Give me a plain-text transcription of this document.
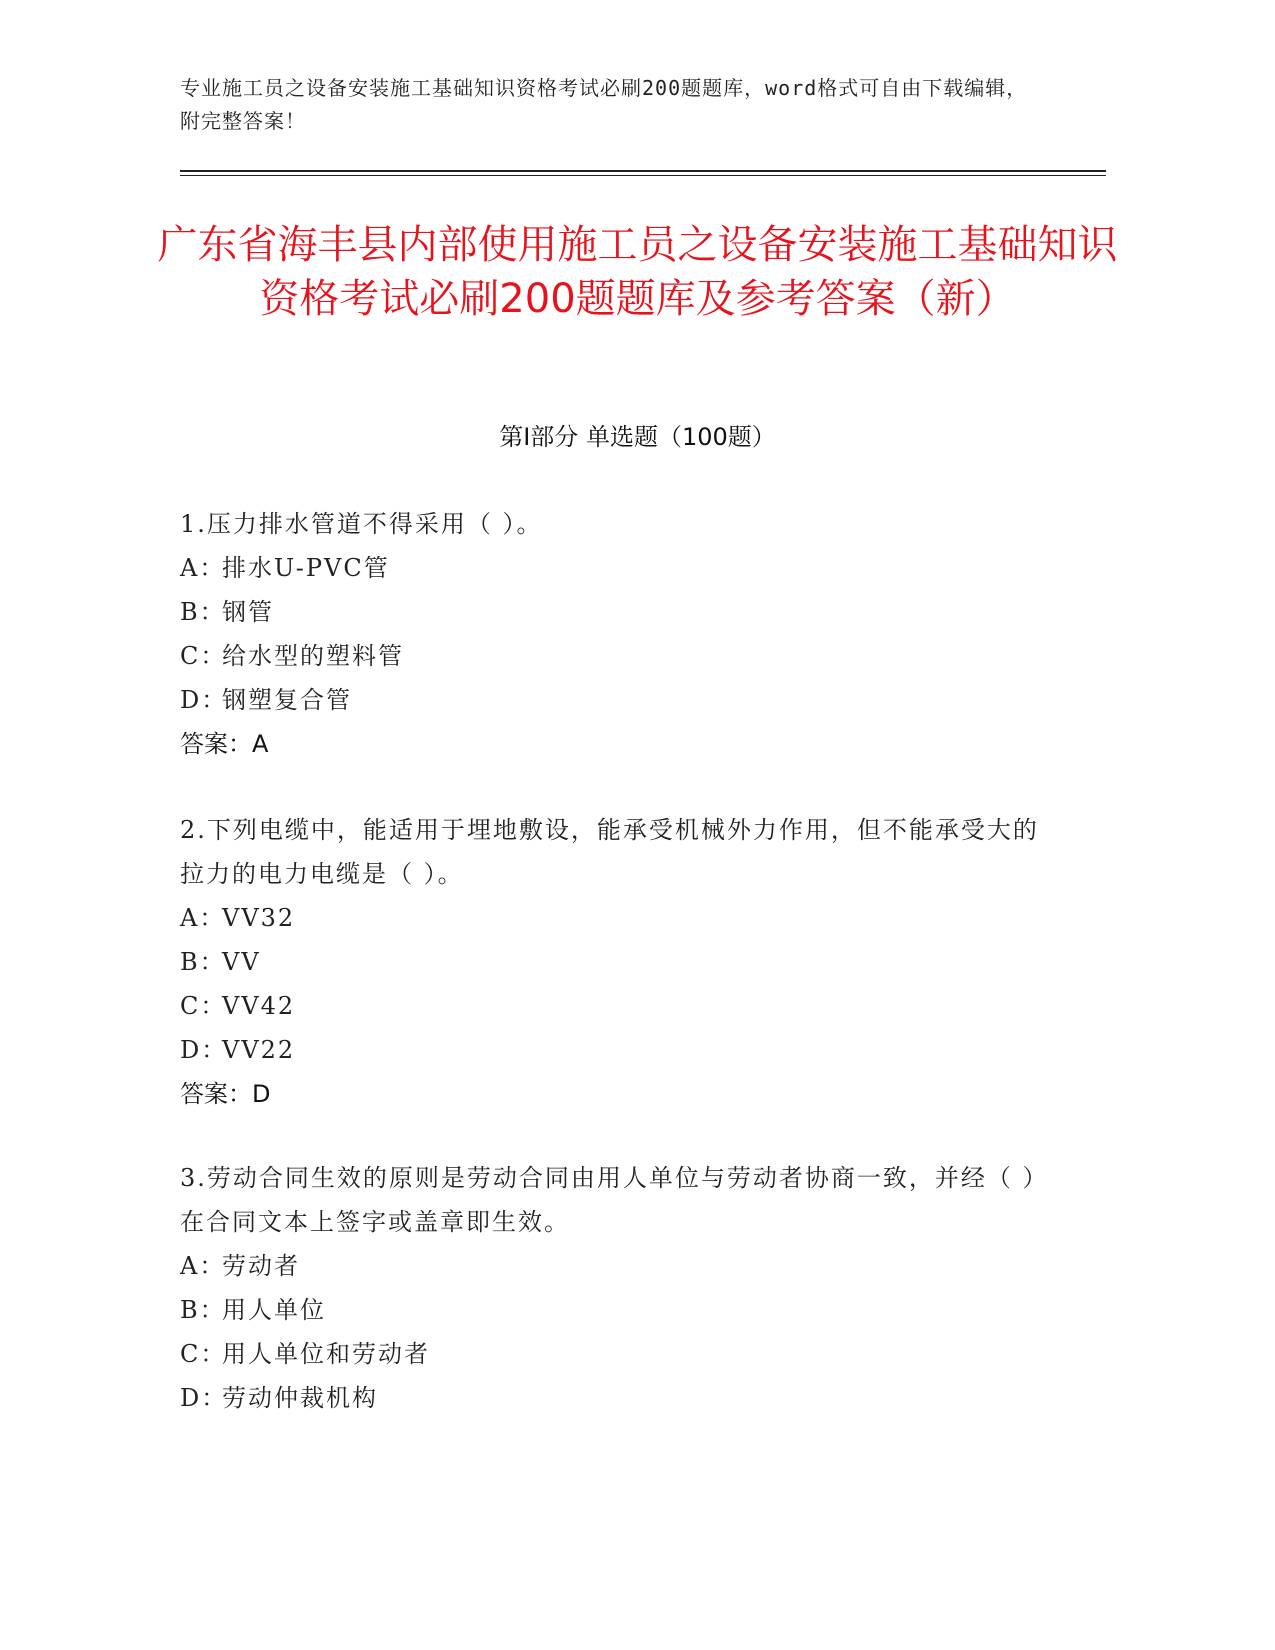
专业施工员之设备安装施工基础知识资格考试必刷200题题库，word格式可自由下载编辑，附完整答案！
广东省海丰县内部使用施工员之设备安装施工基础知识资格考试必刷200题题库及参考答案（新）
第Ⅰ部分 单选题（100题）

1.压力排水管道不得采用（ ）。

A：排水U-PVC管

B：钢管

C：给水型的塑料管

D：钢塑复合管

答案：A

2.下列电缆中，能适用于埋地敷设，能承受机械外力作用，但不能承受大的拉力的电力电缆是（ ）。

A：VV32

B：VV

C：VV42

D：VV22

答案：D

3.劳动合同生效的原则是劳动合同由用人单位与劳动者协商一致，并经（ ）在合同文本上签字或盖章即生效。

A：劳动者

B：用人单位

C：用人单位和劳动者

D：劳动仲裁机构
